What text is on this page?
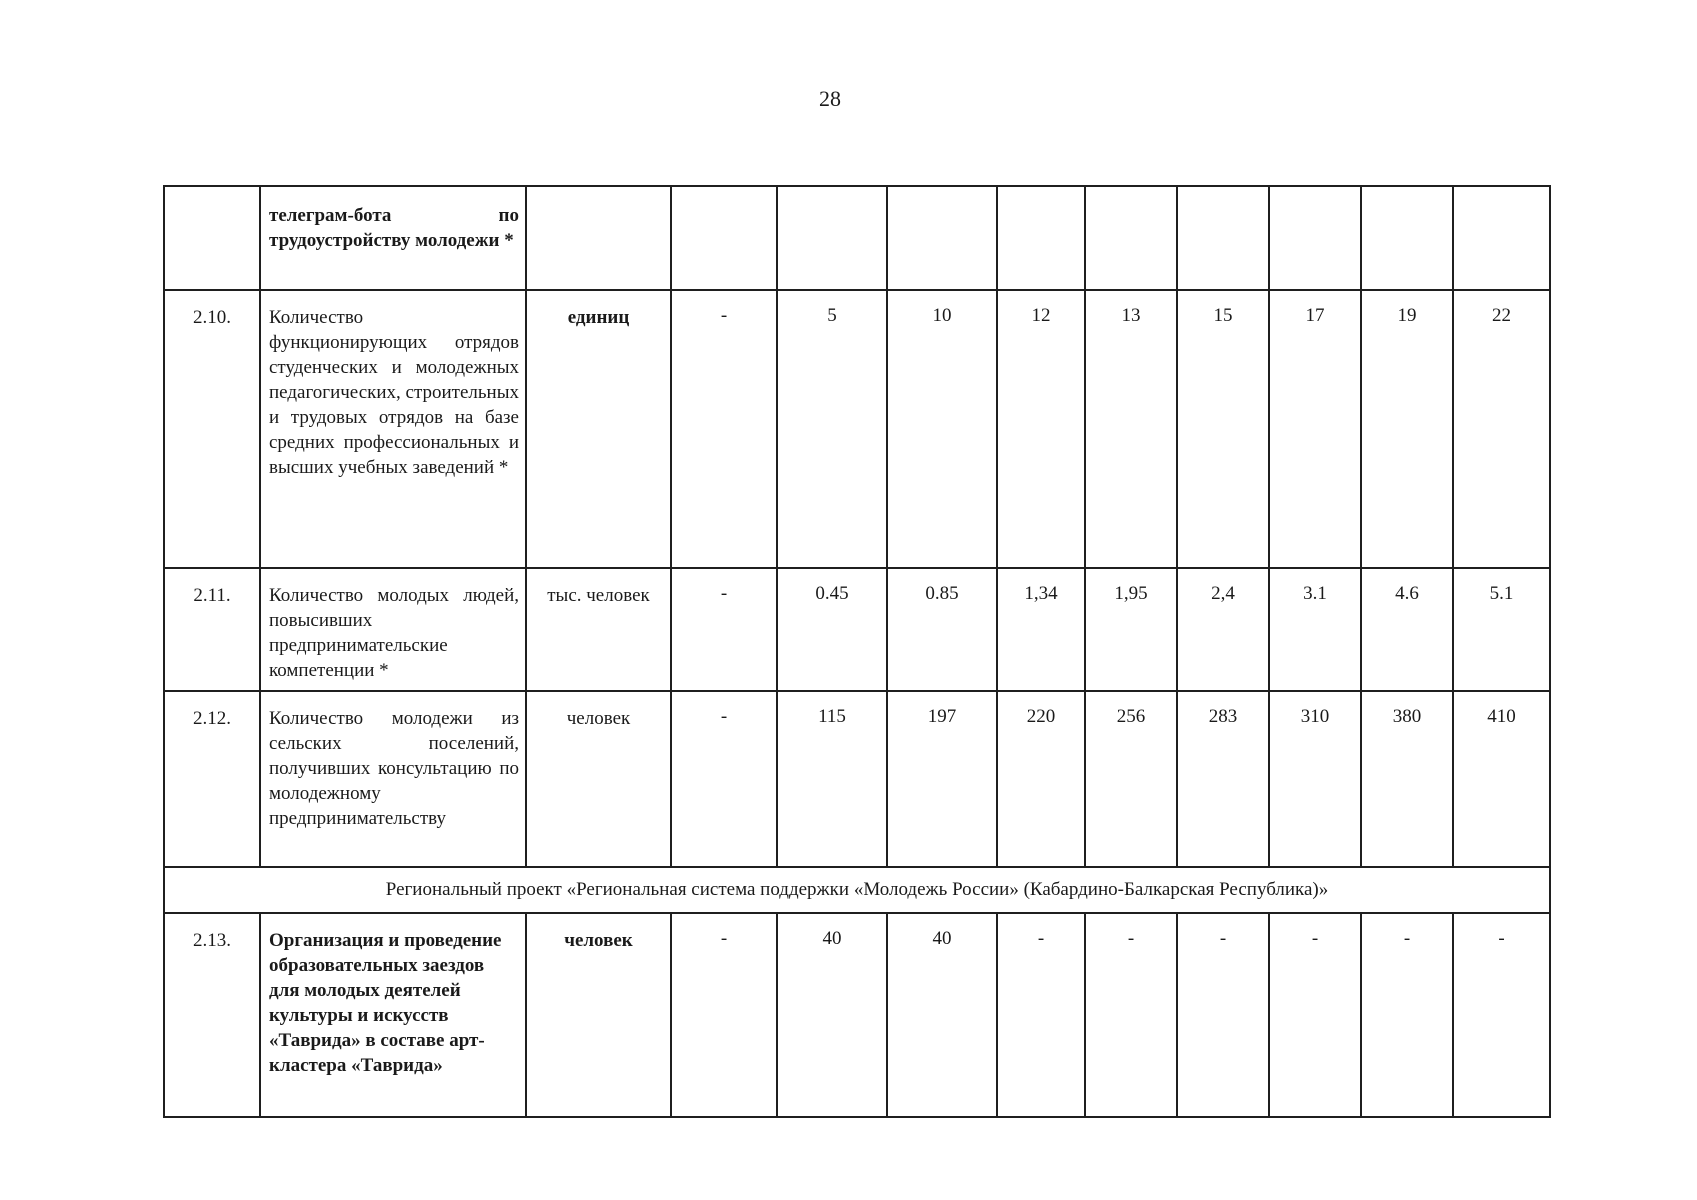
28

	телеграм-бота по
трудоустройству молодежи *										

2.10.	Количество функционирующих отрядов студенческих и молодежных педагогических, строительных и трудовых отрядов на базе средних профессиональных и высших учебных заведений *	единиц	-	5	10	12	13	15	17	19	22
2.11.	Количество молодых людей, повысивших предпринимательские компетенции *	тыс. человек	-	0.45	0.85	1,34	1,95	2,4	3.1	4.6	5.1
2.12.	Количество молодежи из сельских поселений, получивших консультацию по молодежному предпринимательству	человек	-	115	197	220	256	283	310	380	410
Региональный проект «Региональная система поддержки «Молодежь России» (Кабардино-Балкарская Республика)»											
2.13.	Организация и проведение образовательных заездов для молодых деятелей культуры и искусств «Таврида» в составе арт-кластера «Таврида»	человек	-	40	40	-	-	-	-	-	-
